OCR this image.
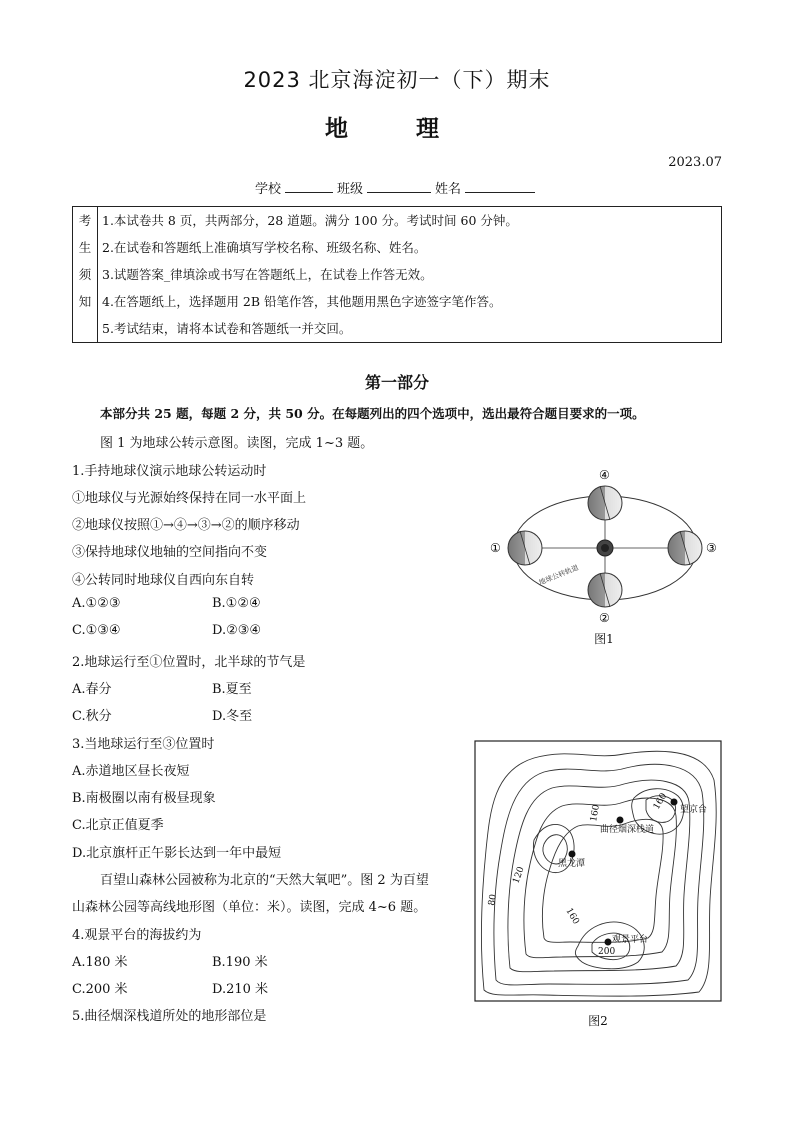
2023 北京海淀初一（下）期末
地 理
2023.07
学校	班级	姓名
考
生
须
知

1.本试卷共 8 页，共两部分，28 道题。满分 100 分。考试时间 60 分钟。
2.在试卷和答题纸上准确填写学校名称、班级名称、姓名。
3.试题答案_律填涂或书写在答题纸上，在试卷上作答无效。
4.在答题纸上，选择题用 2B 铅笔作答，其他题用黑色字迹签字笔作答。
5.考试结束，请将本试卷和答题纸一并交回。
第一部分
本部分共 25 题，每题 2 分，共 50 分。在每题列出的四个选项中，选出最符合题目要求的一项。
图 1 为地球公转示意图。读图，完成 1~3 题。
1.手持地球仪演示地球公转运动时
①地球仪与光源始终保持在同一水平面上
②地球仪按照①→④→③→②的顺序移动
③保持地球仪地轴的空间指向不变
④公转同时地球仪自西向东自转
A.①②③	B.①②④
C.①③④	D.②③④
2.地球运行至①位置时，北半球的节气是
A.春分	B.夏至
C.秋分	D.冬至
3.当地球运行至③位置时
A.赤道地区昼长夜短
B.南极圈以南有极昼现象
C.北京正值夏季
D.北京旗杆正午影长达到一年中最短
百望山森林公园被称为北京的“天然大氧吧”。图 2 为百望
山森林公园等高线地形图（单位：米）。读图，完成 4~6 题。
4.观景平台的海拔约为
A.180 米	B.190 米
C.200 米	D.210 米
5.曲径烟深栈道所处的地形部位是
①
②
③
④
地球公转轨道
图1
望京台
曲径烟深栈道
黑龙潭
观景平台
80
120
160
200
160
160
图2
